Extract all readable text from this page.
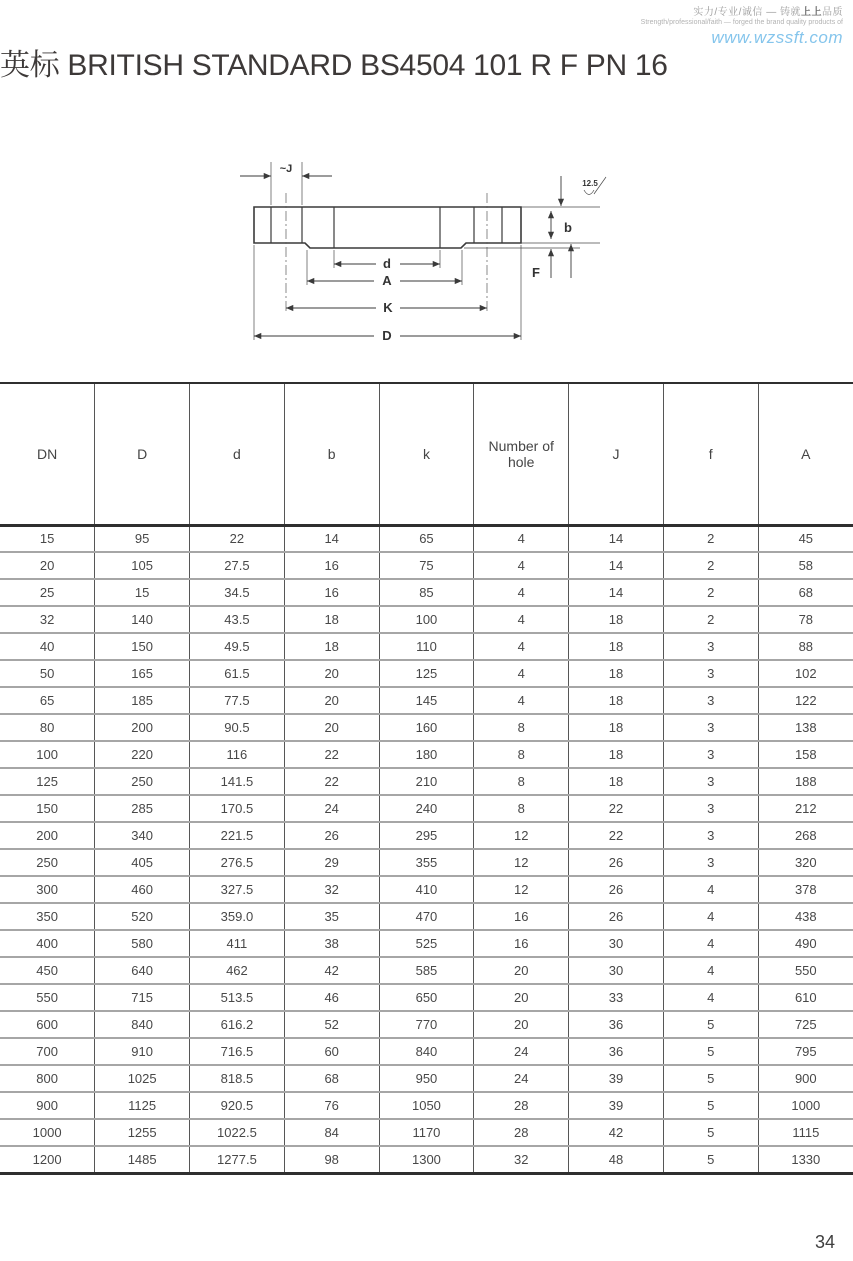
实力/专业/诚信 — 铸就上上品质
Strength/professional/faith — forged the brand quality products of
www.wzssft.com
英标 BRITISH STANDARD BS4504 101 R F PN 16
~J
12.5
b
F
d
A
K
D
DN	D	d	b	k	Number of hole	J	f	A
15	95	22	14	65	4	14	2	45
20	105	27.5	16	75	4	14	2	58
25	15	34.5	16	85	4	14	2	68
32	140	43.5	18	100	4	18	2	78
40	150	49.5	18	110	4	18	3	88
50	165	61.5	20	125	4	18	3	102
65	185	77.5	20	145	4	18	3	122
80	200	90.5	20	160	8	18	3	138
100	220	116	22	180	8	18	3	158
125	250	141.5	22	210	8	18	3	188
150	285	170.5	24	240	8	22	3	212
200	340	221.5	26	295	12	22	3	268
250	405	276.5	29	355	12	26	3	320
300	460	327.5	32	410	12	26	4	378
350	520	359.0	35	470	16	26	4	438
400	580	411	38	525	16	30	4	490
450	640	462	42	585	20	30	4	550
550	715	513.5	46	650	20	33	4	610
600	840	616.2	52	770	20	36	5	725
700	910	716.5	60	840	24	36	5	795
800	1025	818.5	68	950	24	39	5	900
900	1125	920.5	76	1050	28	39	5	1000
1000	1255	1022.5	84	1170	28	42	5	1115
1200	1485	1277.5	98	1300	32	48	5	1330
34
